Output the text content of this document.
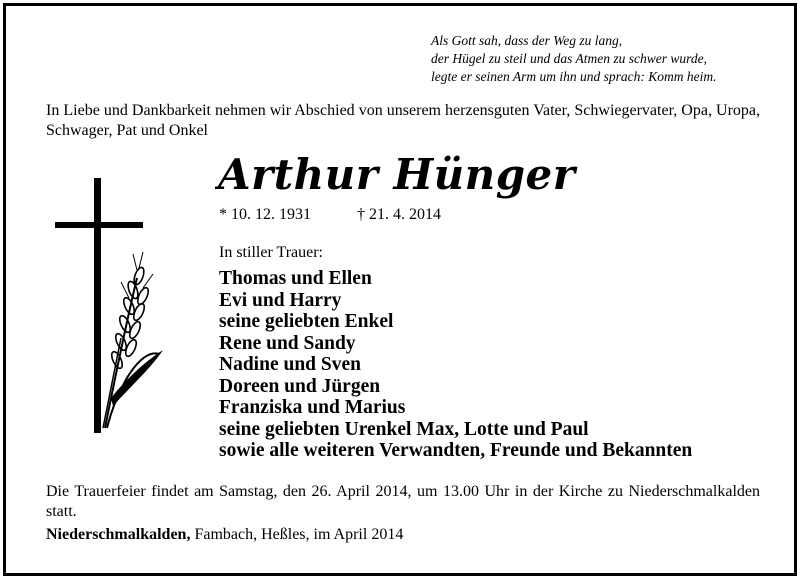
Als Gott sah, dass der Weg zu lang,
der Hügel zu steil und das Atmen zu schwer wurde,
legte er seinen Arm um ihn und sprach: Komm heim.
In Liebe und Dankbarkeit nehmen wir Abschied von unserem herzensguten Vater, Schwiegervater, Opa, Uropa, Schwager, Pat und Onkel
Arthur Hünger
* 10. 12. 1931	† 21. 4. 2014
In stiller Trauer:
Thomas und Ellen
Evi und Harry
seine geliebten Enkel
Rene und Sandy
Nadine und Sven
Doreen und Jürgen
Franziska und Marius
seine geliebten Urenkel Max, Lotte und Paul
sowie alle weiteren Verwandten, Freunde und Bekannten
Die Trauerfeier findet am Samstag, den 26. April 2014, um 13.00 Uhr in der Kirche zu Niederschmalkalden statt.
Niederschmalkalden, Fambach, Heßles, im April 2014
